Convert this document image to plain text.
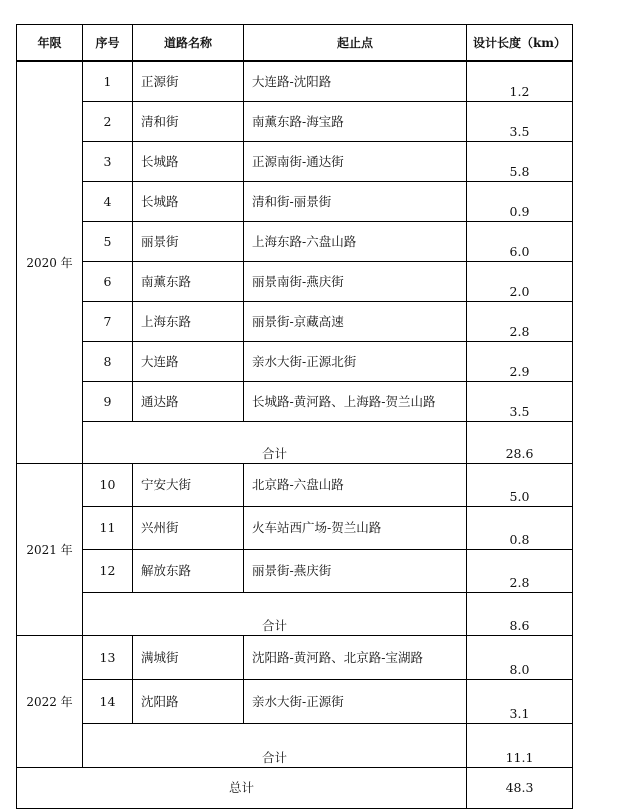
年限	序号	道路名称	起止点	设计长度（km）
2020 年	1	正源街	大连路-沈阳路	1.2
	2	清和街	南薰东路-海宝路	3.5
	3	长城路	正源南街-通达街	5.8
	4	长城路	清和街-丽景街	0.9
	5	丽景街	上海东路-六盘山路	6.0
	6	南薰东路	丽景南街-燕庆街	2.0
	7	上海东路	丽景街-京藏高速	2.8
	8	大连路	亲水大街-正源北街	2.9
	9	通达路	长城路-黄河路、上海路-贺兰山路	3.5
	合计			28.6
2021 年	10	宁安大街	北京路-六盘山路	5.0
	11	兴州街	火车站西广场-贺兰山路	0.8
	12	解放东路	丽景街-燕庆街	2.8
	合计			8.6
2022 年	13	满城街	沈阳路-黄河路、北京路-宝湖路	8.0
	14	沈阳路	亲水大街-正源街	3.1
	合计			11.1
总计				48.3
